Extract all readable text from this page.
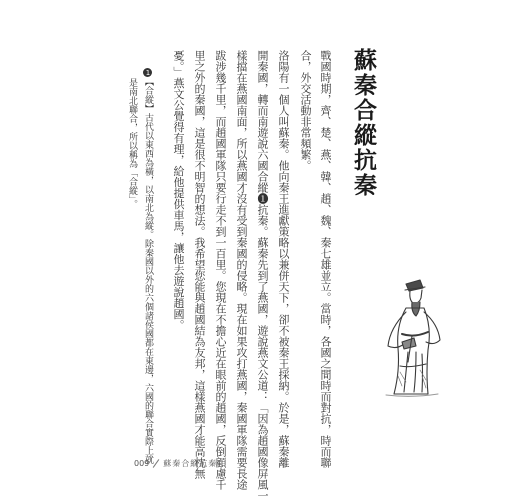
蘇秦合縱抗秦
戰國時期，齊、楚、燕、韓、趙、魏、秦七雄並立。當時，各國之間時而對抗，時而聯
合，外交活動非常頻繁。
洛陽有一個人叫蘇秦。他向秦王進獻策略以兼併天下，卻不被秦王採納。於是，蘇秦離
開秦國，轉而南遊說六國合縱❶抗秦。蘇秦先到了燕國，遊說燕文公道：「因為趙國像屏風一
樣擋在燕國南面，所以燕國才沒有受到秦國的侵略。現在如果攻打燕國，秦國軍隊需要長途
跋涉幾千里，而趙國軍隊只要行走不到一百里。您現在不擔心近在眼前的趙國，反倒顧慮千
里之外的秦國，這是很不明智的想法。我希望您能與趙國結為友邦，這樣燕國才能高枕無
憂。」燕文公覺得有理，給他提供車馬，讓他去遊說趙國。
1【合縱】古代以東西為橫，以南北為縱。除秦國以外的六個諸侯國都在東邊，六國的聯合實際上就
是南北聯合，所以稱為「合縱」。
009 蘇秦合縱抗秦
